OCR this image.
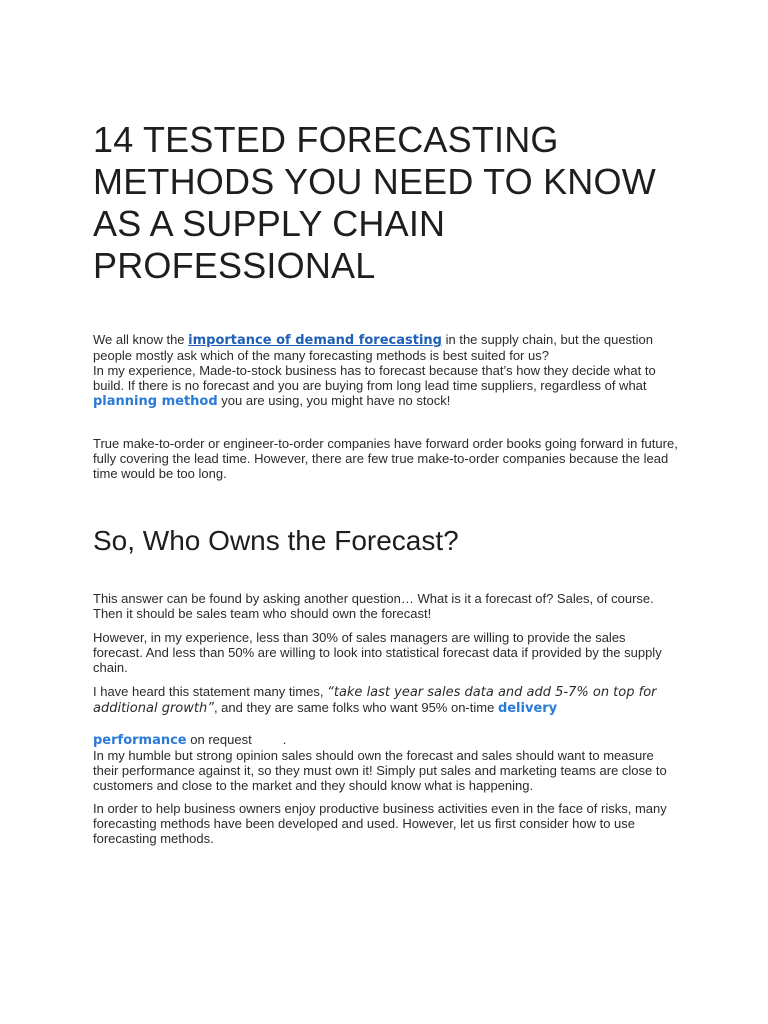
14 TESTED FORECASTING METHODS YOU NEED TO KNOW AS A SUPPLY CHAIN PROFESSIONAL

We all know the importance of demand forecasting in the supply chain, but the question people mostly ask which of the many forecasting methods is best suited for us?
In my experience, Made-to-stock business has to forecast because that’s how they decide what to build. If there is no forecast and you are buying from long lead time suppliers, regardless of what planning method you are using, you might have no stock!

True make-to-order or engineer-to-order companies have forward order books going forward in future, fully covering the lead time. However, there are few true make-to-order companies because the lead time would be too long.

So, Who Owns the Forecast?

This answer can be found by asking another question… What is it a forecast of? Sales, of course. Then it should be sales team who should own the forecast!

However, in my experience, less than 30% of sales managers are willing to provide the sales forecast. And less than 50% are willing to look into statistical forecast data if provided by the supply chain.

I have heard this statement many times, “take last year sales data and add 5-7% on top for additional growth”, and they are same folks who want 95% on-time delivery

performance on request .
In my humble but strong opinion sales should own the forecast and sales should want to measure their performance against it, so they must own it! Simply put sales and marketing teams are close to customers and close to the market and they should know what is happening.

In order to help business owners enjoy productive business activities even in the face of risks, many forecasting methods have been developed and used. However, let us first consider how to use forecasting methods.
